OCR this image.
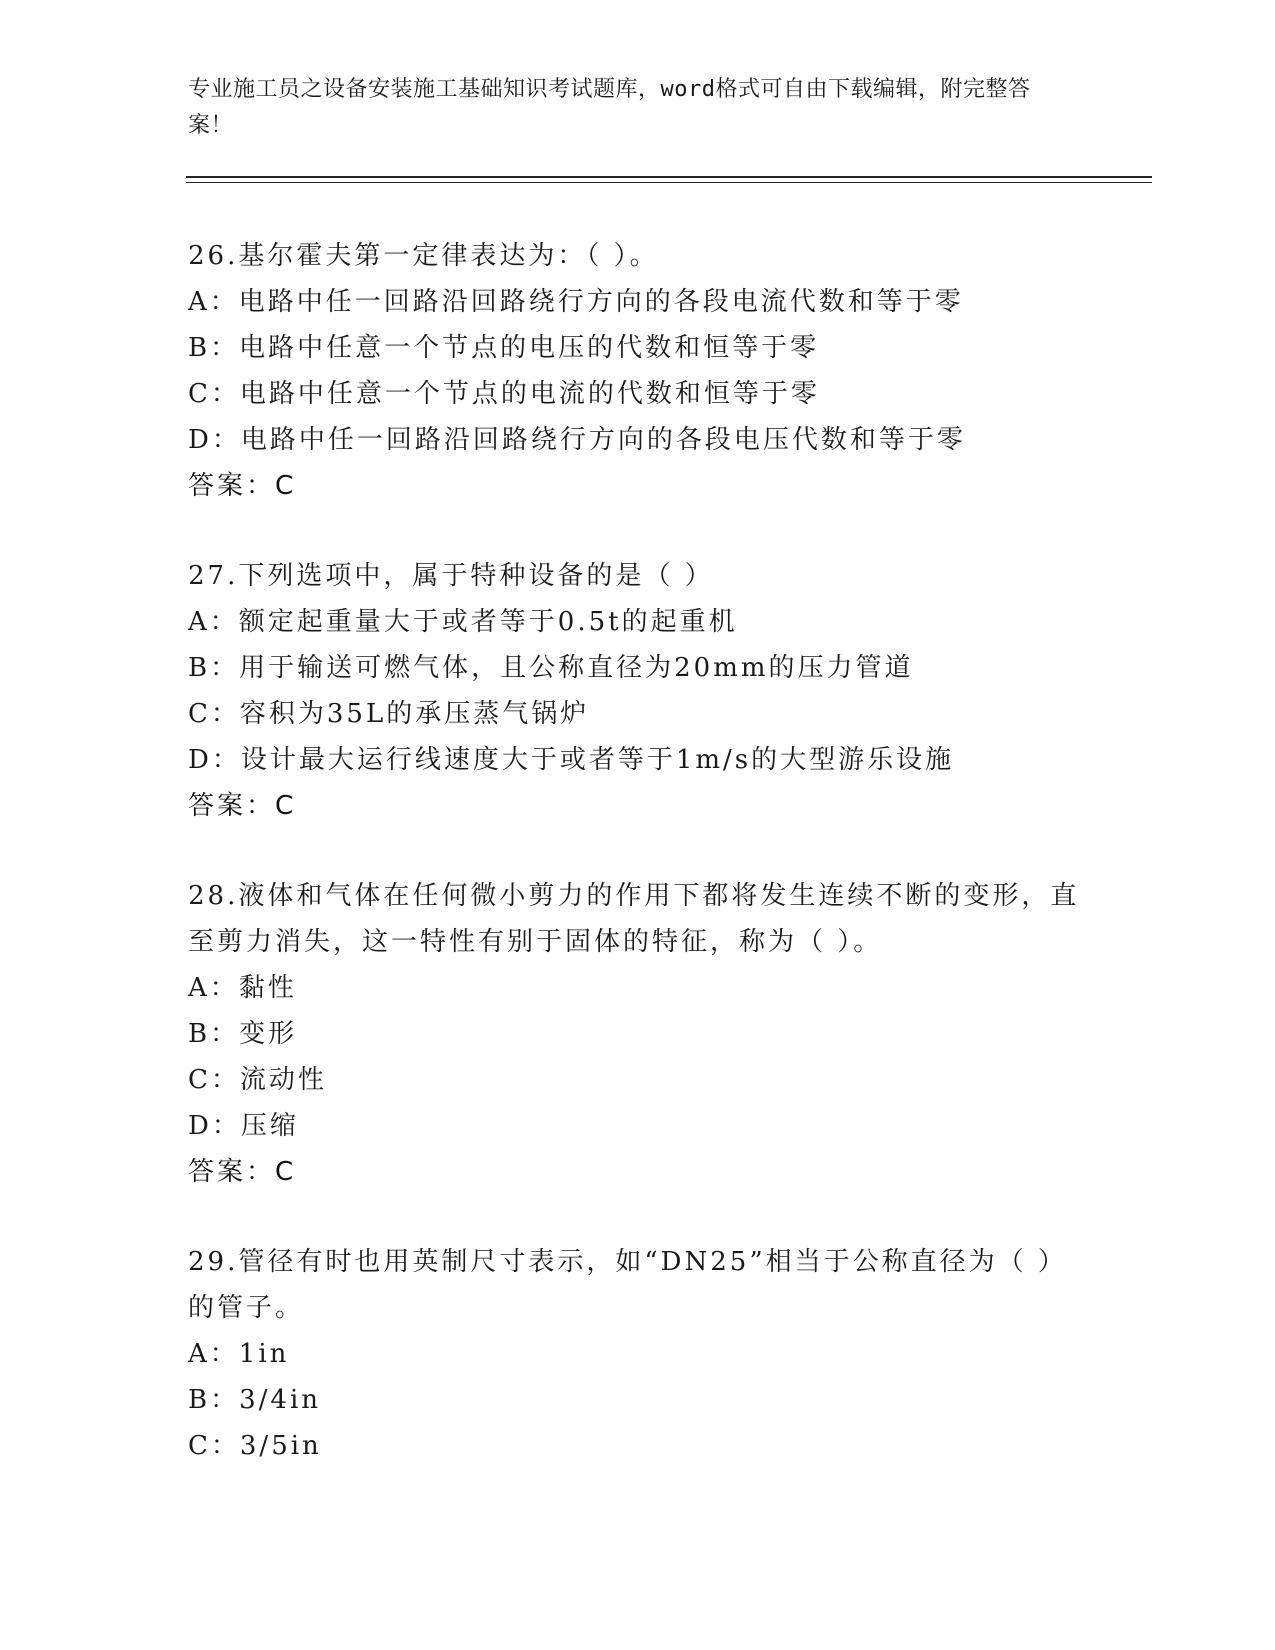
专业施工员之设备安装施工基础知识考试题库，word格式可自由下载编辑，附完整答案！
26.基尔霍夫第一定律表达为：（ ）。
A：电路中任一回路沿回路绕行方向的各段电流代数和等于零
B：电路中任意一个节点的电压的代数和恒等于零
C：电路中任意一个节点的电流的代数和恒等于零
D：电路中任一回路沿回路绕行方向的各段电压代数和等于零
答案：C
27.下列选项中，属于特种设备的是（ ）
A：额定起重量大于或者等于0.5t的起重机
B：用于输送可燃气体，且公称直径为20mm的压力管道
C：容积为35L的承压蒸气锅炉
D：设计最大运行线速度大于或者等于1m/s的大型游乐设施
答案：C
28.液体和气体在任何微小剪力的作用下都将发生连续不断的变形，直至剪力消失，这一特性有别于固体的特征，称为（ ）。
A：黏性
B：变形
C：流动性
D：压缩
答案：C
29.管径有时也用英制尺寸表示，如“DN25”相当于公称直径为（ ）的管子。
A：1in
B：3/4in
C：3/5in
